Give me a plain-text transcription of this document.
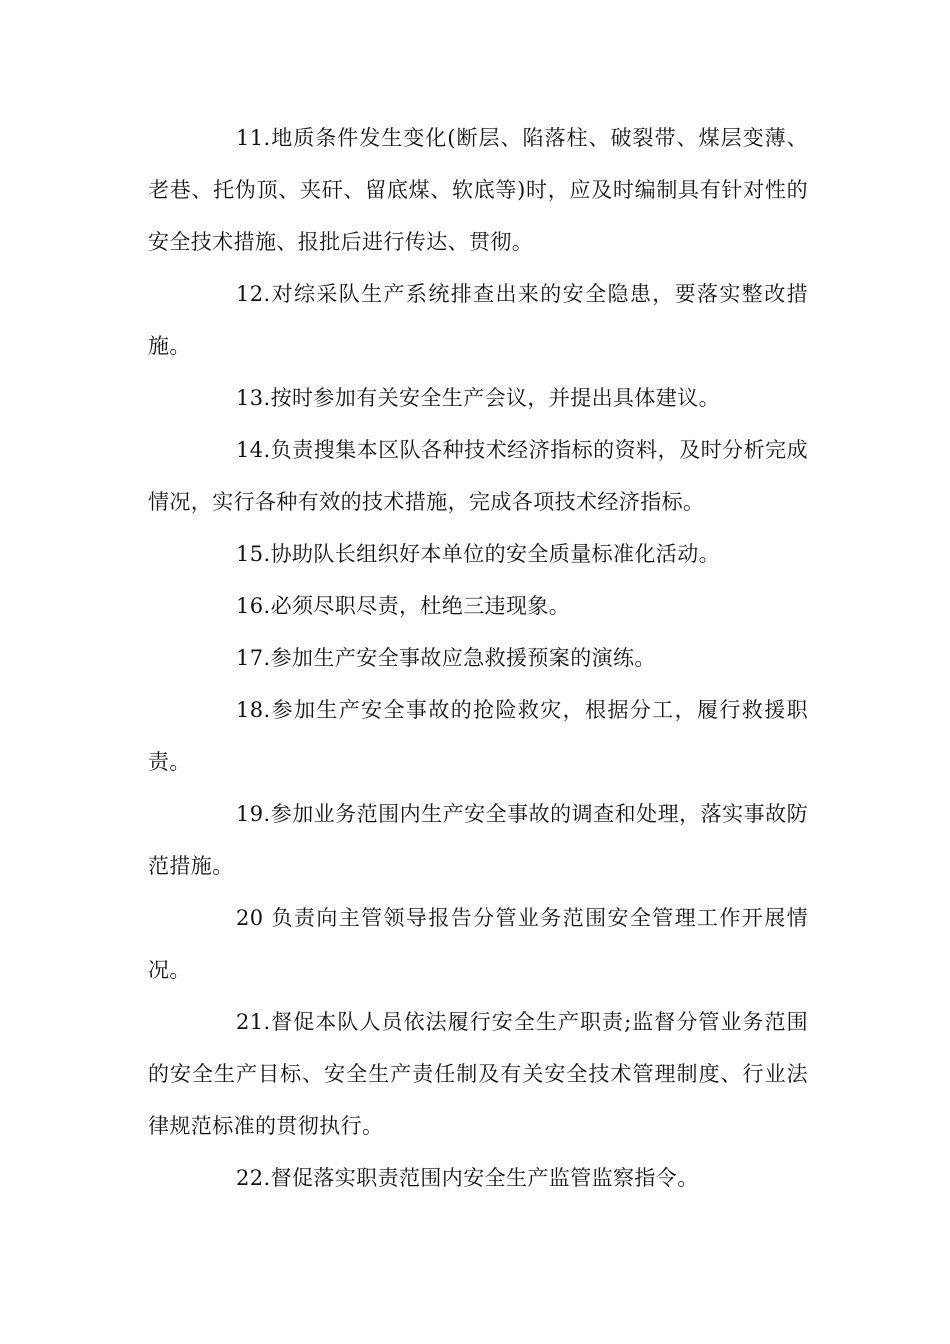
11.地质条件发生变化(断层、陷落柱、破裂带、煤层变薄、老巷、托伪顶、夹矸、留底煤、软底等)时，应及时编制具有针对性的安全技术措施、报批后进行传达、贯彻。

12.对综采队生产系统排查出来的安全隐患，要落实整改措施。

13.按时参加有关安全生产会议，并提出具体建议。

14.负责搜集本区队各种技术经济指标的资料，及时分析完成情况，实行各种有效的技术措施，完成各项技术经济指标。

15.协助队长组织好本单位的安全质量标准化活动。

16.必须尽职尽责，杜绝三违现象。

17.参加生产安全事故应急救援预案的演练。

18.参加生产安全事故的抢险救灾，根据分工，履行救援职责。

19.参加业务范围内生产安全事故的调查和处理，落实事故防范措施。

20 负责向主管领导报告分管业务范围安全管理工作开展情况。

21.督促本队人员依法履行安全生产职责;监督分管业务范围的安全生产目标、安全生产责任制及有关安全技术管理制度、行业法律规范标准的贯彻执行。

22.督促落实职责范围内安全生产监管监察指令。
